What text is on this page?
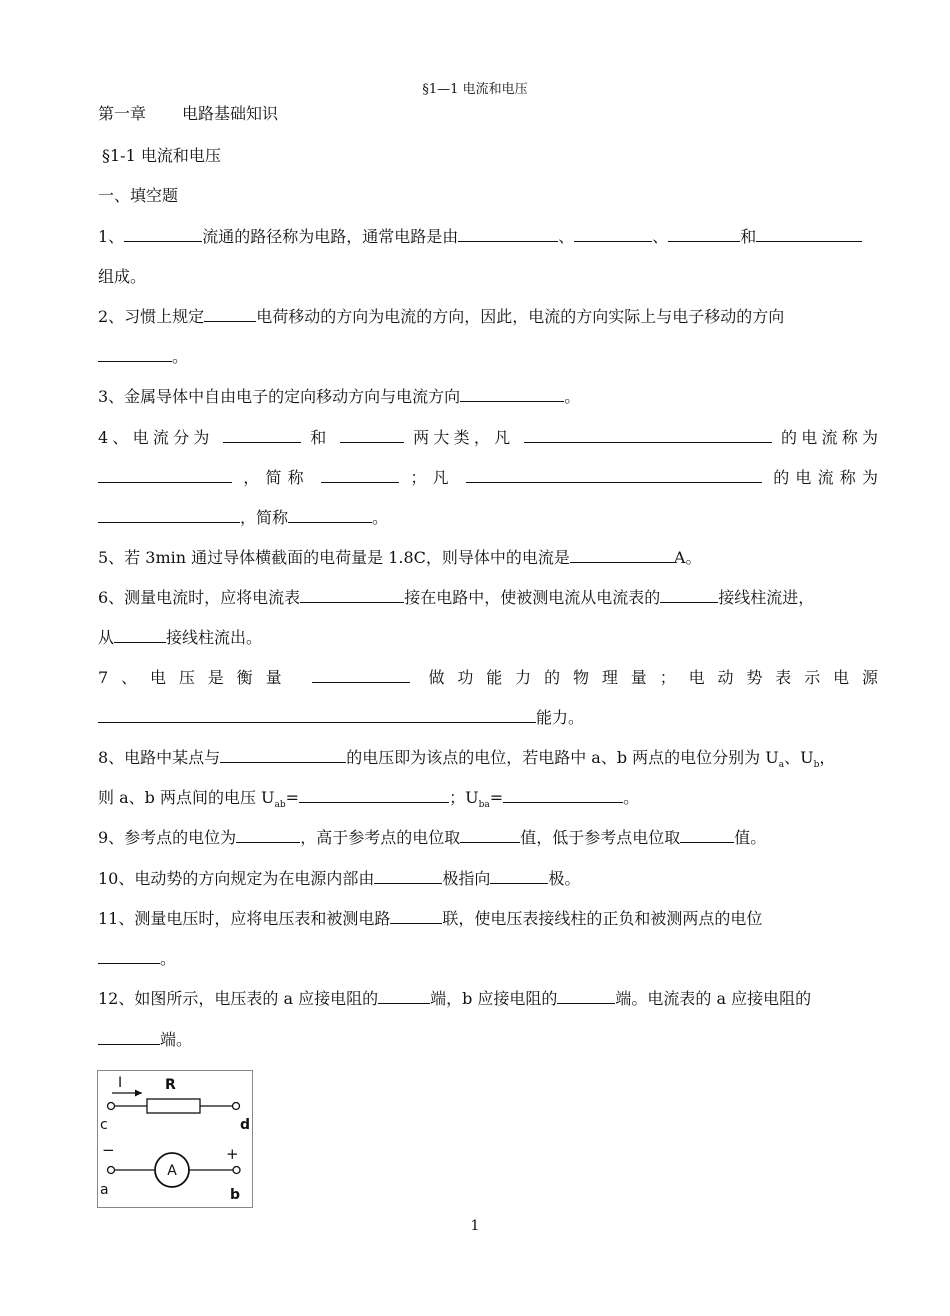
§1—1 电流和电压
第一章 电路基础知识
§1-1 电流和电压
一、填空题
1、	流通的路径称为电路，通常电路是由	、	、	和
组成。
2、习惯上规定	电荷移动的方向为电流的方向，因此，电流的方向实际上与电子移动的方向
。
3、金属导体中自由电子的定向移动方向与电流方向	。
4、电流分为	和	两大类，凡	的电流称为
，简称	；凡	的电流称为
，简称	。
5、若 3min 通过导体横截面的电荷量是 1.8C，则导体中的电流是	A。
6、测量电流时，应将电流表	接在电路中，使被测电流从电流表的	接线柱流进，
从	接线柱流出。
7、电压是衡量	做功能力的物理量；电动势表示电源
能力。
8、电路中某点与	的电压即为该点的电位，若电路中 a、b 两点的电位分别为 $U_a$、$U_b$，
则 a、b 两点间的电压 $U_{ab}=$	；$U_{ba}=$	。
9、参考点的电位为	，高于参考点的电位取	值，低于参考点电位取	值。
10、电动势的方向规定为在电源内部由	极指向	极。
11、测量电压时，应将电压表和被测电路	联，使电压表接线柱的正负和被测两点的电位
。
12、如图所示，电压表的 a 应接电阻的	端，b 应接电阻的	端。电流表的 a 应接电阻的
端。
I	R
c	d
−	+
A
a	b
1
